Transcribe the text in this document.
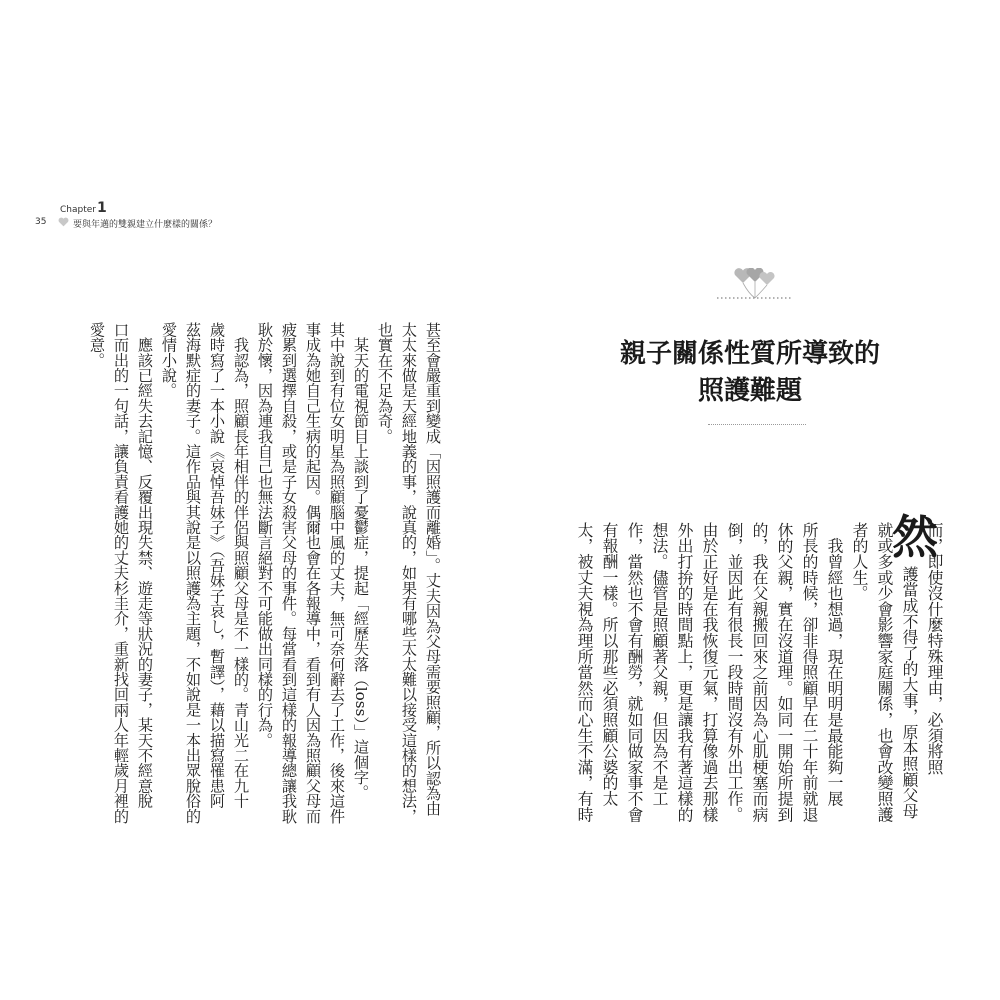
Chapter1
35	要與年邁的雙親建立什麼樣的關係？
甚至會嚴重到變成「因照護而離婚」。丈夫因為父母需要照顧，所以認為由
太太來做是天經地義的事，說真的，如果有哪些太太難以接受這樣的想法，
也實在不足為奇。
　某天的電視節目上談到了憂鬱症，提起「經歷失落（loss）」這個字。
其中說到有位女明星為照顧腦中風的丈夫，無可奈何辭去了工作，後來這件
事成為她自己生病的起因。偶爾也會在各報導中，看到有人因為照顧父母而
疲累到選擇自殺，或是子女殺害父母的事件。每當看到這樣的報導總讓我耿
耿於懷，因為連我自己也無法斷言絕對不可能做出同樣的行為。
　我認為，照顧長年相伴的伴侶與照顧父母是不一樣的。青山光二在九十
歲時寫了一本小說《哀悼吾妹子》（吾妹子哀し，暫譯），藉以描寫罹患阿
茲海默症的妻子。這作品與其說是以照護為主題，不如說是一本出眾脫俗的
愛情小說。
　應該已經失去記憶、反覆出現失禁、遊走等狀況的妻子，某天不經意脫
口而出的一句話，讓負責看護她的丈夫杉圭介，重新找回兩人年輕歲月裡的
愛意。	親子關係性質所導致的
照護難題
然
而，即使沒什麼特殊理由，必須將照
護當成不得了的大事，原本照顧父母
就或多或少會影響家庭關係，也會改變照護
者的人生。
　我曾經也想過，現在明明是最能夠一展
所長的時候，卻非得照顧早在二十年前就退
休的父親，實在沒道理。如同一開始所提到
的，我在父親搬回來之前因為心肌梗塞而病
倒，並因此有很長一段時間沒有外出工作。
由於正好是在我恢復元氣，打算像過去那樣
外出打拚的時間點上，更是讓我有著這樣的
想法。儘管是照顧著父親，但因為不是工
作，當然也不會有酬勞，就如同做家事不會
有報酬一樣。所以那些必須照顧公婆的太
太，被丈夫視為理所當然而心生不滿，有時
